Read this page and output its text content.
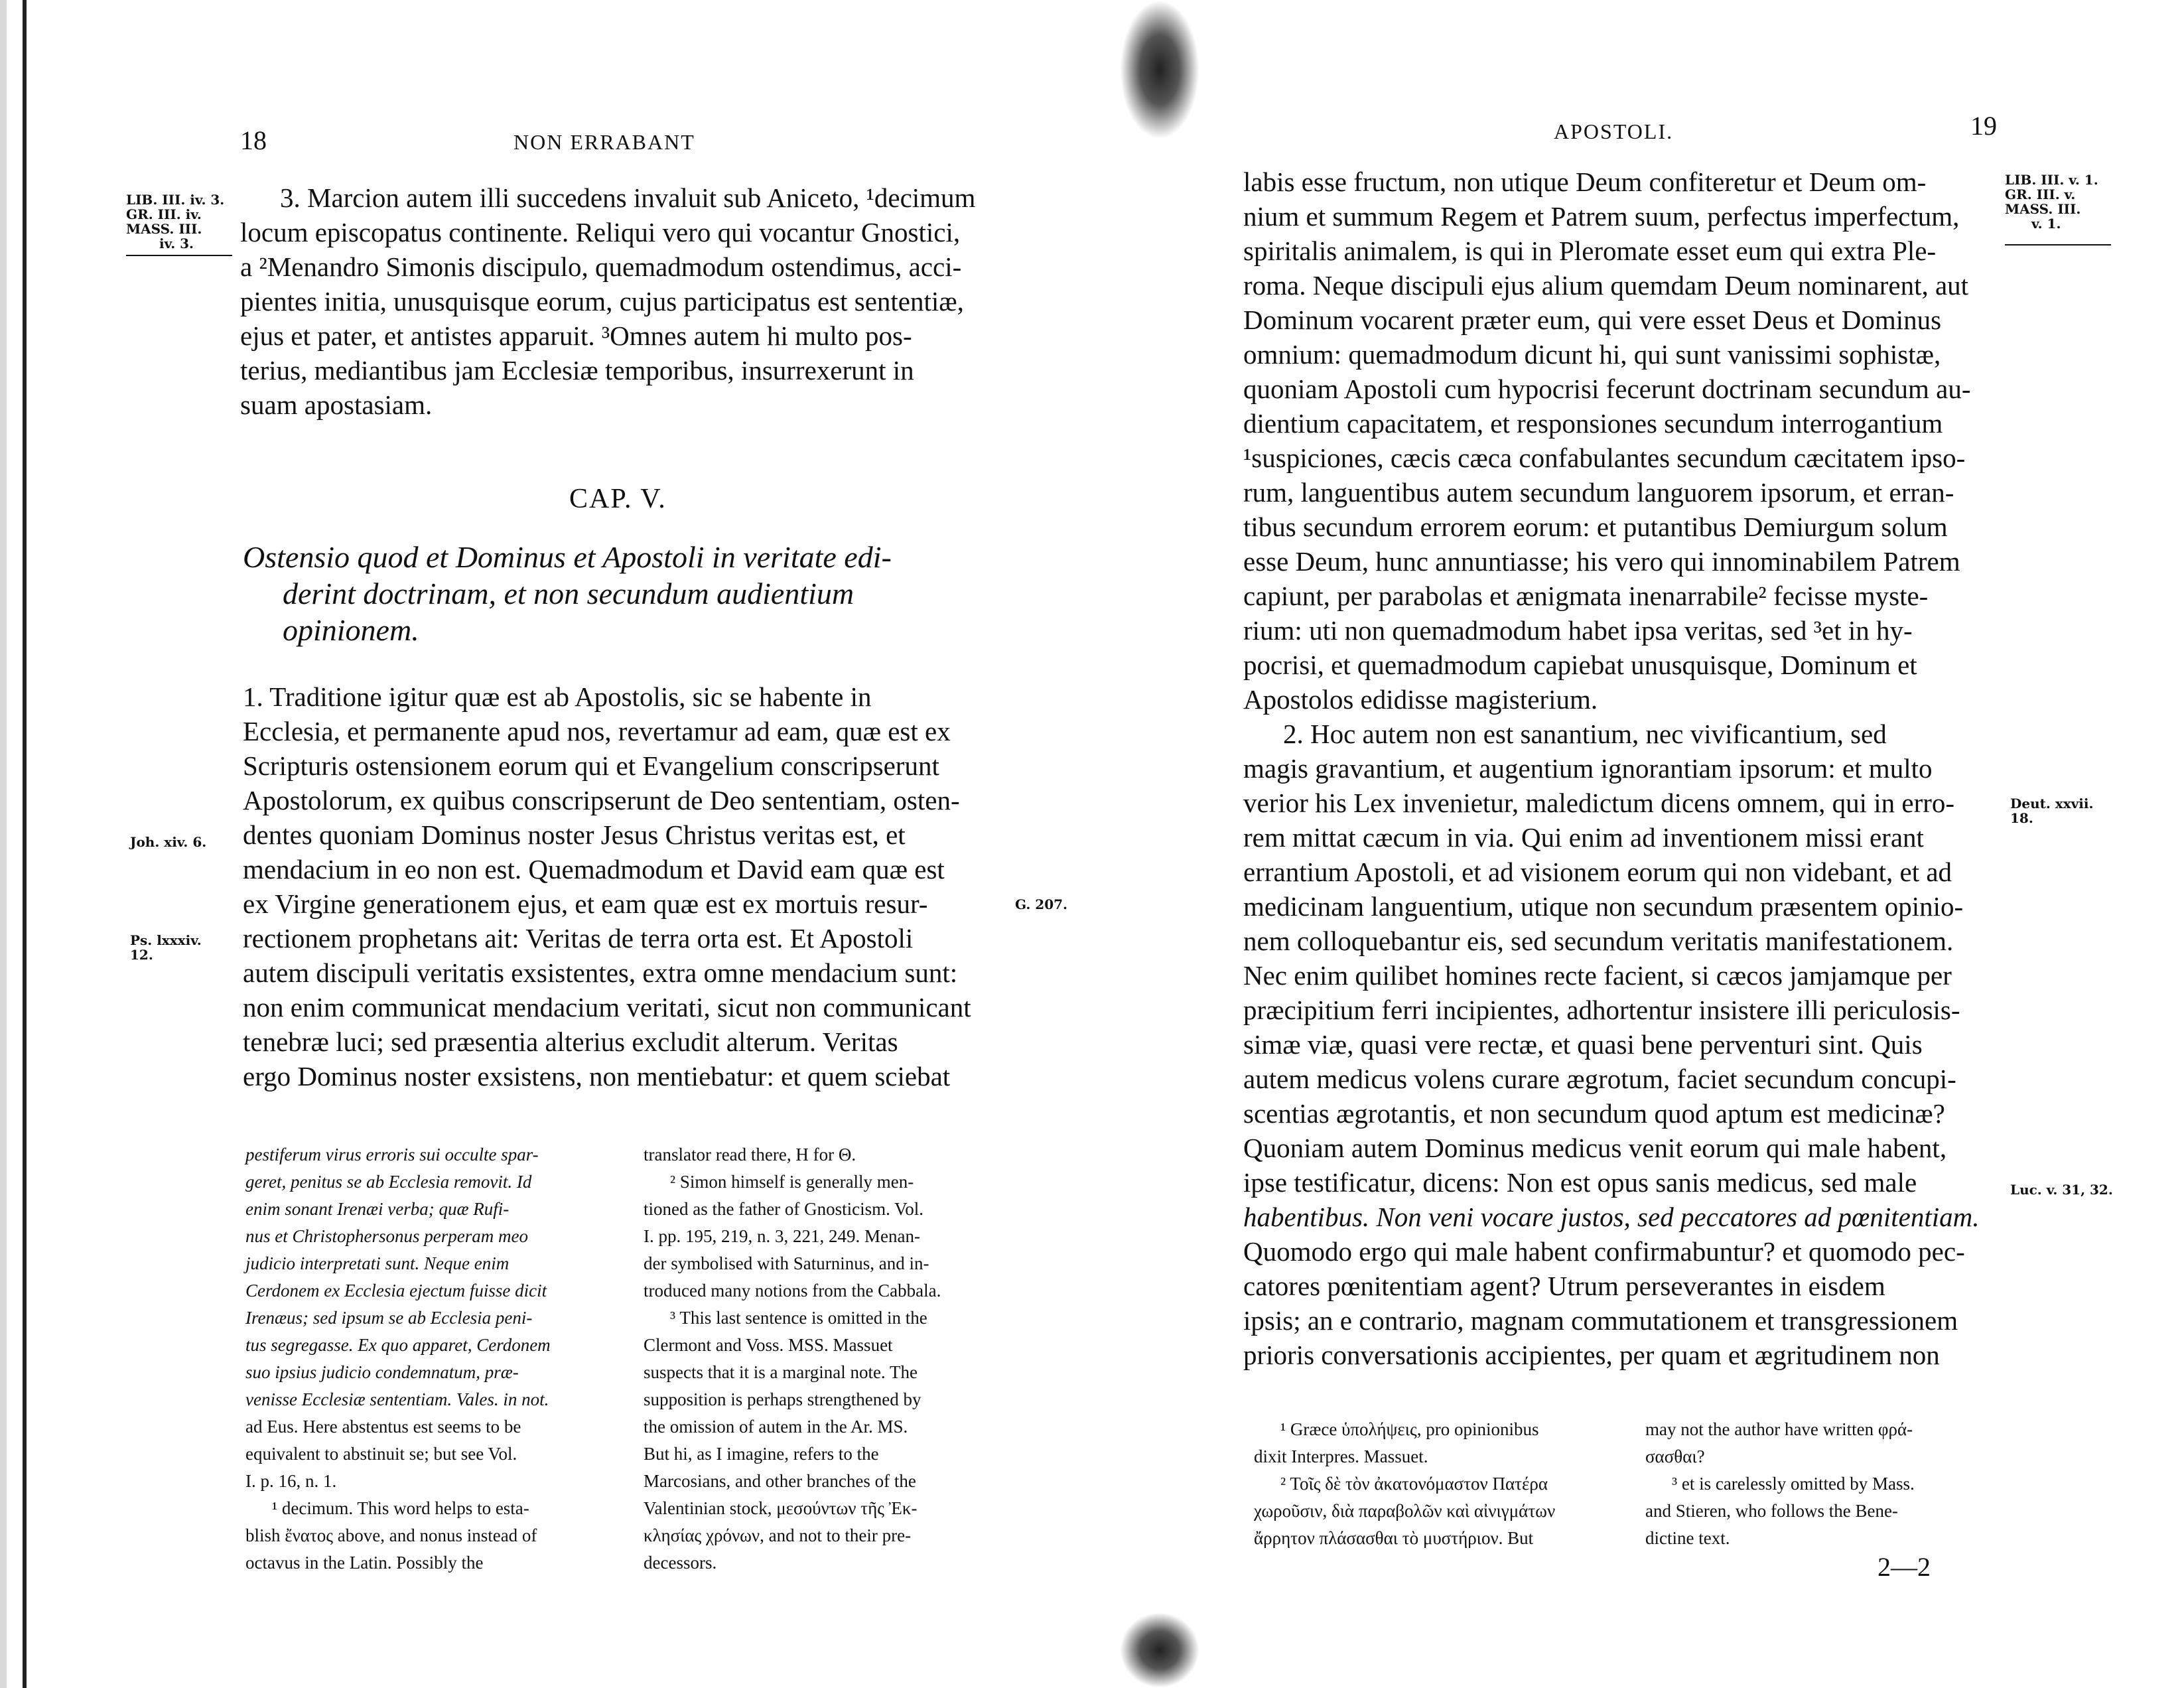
18	NON ERRABANT
LIB. III. iv. 3.
GR. III. iv.
MASS. III.
iv. 3.
3. Marcion autem illi succedens invaluit sub Aniceto, ¹decimum
locum episcopatus continente. Reliqui vero qui vocantur Gnostici,
a ²Menandro Simonis discipulo, quemadmodum ostendimus, acci-
pientes initia, unusquisque eorum, cujus participatus est sententiæ,
ejus et pater, et antistes apparuit. ³Omnes autem hi multo pos-
terius, mediantibus jam Ecclesiæ temporibus, insurrexerunt in
suam apostasiam.
CAP. V.
Ostensio quod et Dominus et Apostoli in veritate edi-
derint doctrinam, et non secundum audientium
opinionem.
1. Traditione igitur quæ est ab Apostolis, sic se habente in
Ecclesia, et permanente apud nos, revertamur ad eam, quæ est ex
Scripturis ostensionem eorum qui et Evangelium conscripserunt
Apostolorum, ex quibus conscripserunt de Deo sententiam, osten-
dentes quoniam Dominus noster Jesus Christus veritas est, et
mendacium in eo non est. Quemadmodum et David eam quæ est
ex Virgine generationem ejus, et eam quæ est ex mortuis resur-
rectionem prophetans ait: Veritas de terra orta est. Et Apostoli
autem discipuli veritatis exsistentes, extra omne mendacium sunt:
non enim communicat mendacium veritati, sicut non communicant
tenebræ luci; sed præsentia alterius excludit alterum. Veritas
ergo Dominus noster exsistens, non mentiebatur: et quem sciebat
Joh. xiv. 6.
G. 207.
Ps. lxxxiv.
12.
pestiferum virus erroris sui occulte spar-
geret, penitus se ab Ecclesia removit. Id
enim sonant Irenæi verba; quæ Rufi-
nus et Christophersonus perperam meo
judicio interpretati sunt. Neque enim
Cerdonem ex Ecclesia ejectum fuisse dicit
Irenæus; sed ipsum se ab Ecclesia peni-
tus segregasse. Ex quo apparet, Cerdonem
suo ipsius judicio condemnatum, præ-
venisse Ecclesiæ sententiam. Vales. in not.
ad Eus. Here abstentus est seems to be
equivalent to abstinuit se; but see Vol.
I. p. 16, n. 1.
¹ decimum. This word helps to esta-
blish ἔνατος above, and nonus instead of
octavus in the Latin. Possibly the
translator read there, H for Θ.
² Simon himself is generally men-
tioned as the father of Gnosticism. Vol.
I. pp. 195, 219, n. 3, 221, 249. Menan-
der symbolised with Saturninus, and in-
troduced many notions from the Cabbala.
³ This last sentence is omitted in the
Clermont and Voss. MSS. Massuet
suspects that it is a marginal note. The
supposition is perhaps strengthened by
the omission of autem in the Ar. MS.
But hi, as I imagine, refers to the
Marcosians, and other branches of the
Valentinian stock, μεσούντων τῆς Ἐκ-
κλησίας χρόνων, and not to their pre-
decessors.
APOSTOLI.	19
LIB. III. v. 1.
GR. III. v.
MASS. III.
v. 1.
labis esse fructum, non utique Deum confiteretur et Deum om-
nium et summum Regem et Patrem suum, perfectus imperfectum,
spiritalis animalem, is qui in Pleromate esset eum qui extra Ple-
roma. Neque discipuli ejus alium quemdam Deum nominarent, aut
Dominum vocarent præter eum, qui vere esset Deus et Dominus
omnium: quemadmodum dicunt hi, qui sunt vanissimi sophistæ,
quoniam Apostoli cum hypocrisi fecerunt doctrinam secundum au-
dientium capacitatem, et responsiones secundum interrogantium
¹suspiciones, cæcis cæca confabulantes secundum cæcitatem ipso-
rum, languentibus autem secundum languorem ipsorum, et erran-
tibus secundum errorem eorum: et putantibus Demiurgum solum
esse Deum, hunc annuntiasse; his vero qui innominabilem Patrem
capiunt, per parabolas et ænigmata inenarrabile² fecisse myste-
rium: uti non quemadmodum habet ipsa veritas, sed ³et in hy-
pocrisi, et quemadmodum capiebat unusquisque, Dominum et
Apostolos edidisse magisterium.
2. Hoc autem non est sanantium, nec vivificantium, sed
magis gravantium, et augentium ignorantiam ipsorum: et multo
verior his Lex invenietur, maledictum dicens omnem, qui in erro-
rem mittat cæcum in via. Qui enim ad inventionem missi erant
errantium Apostoli, et ad visionem eorum qui non videbant, et ad
medicinam languentium, utique non secundum præsentem opinio-
nem colloquebantur eis, sed secundum veritatis manifestationem.
Nec enim quilibet homines recte facient, si cæcos jamjamque per
præcipitium ferri incipientes, adhortentur insistere illi periculosis-
simæ viæ, quasi vere rectæ, et quasi bene perventuri sint. Quis
autem medicus volens curare ægrotum, faciet secundum concupi-
scentias ægrotantis, et non secundum quod aptum est medicinæ?
Quoniam autem Dominus medicus venit eorum qui male habent,
ipse testificatur, dicens: Non est opus sanis medicus, sed male
habentibus. Non veni vocare justos, sed peccatores ad pœnitentiam.
Quomodo ergo qui male habent confirmabuntur? et quomodo pec-
catores pœnitentiam agent? Utrum perseverantes in eisdem
ipsis; an e contrario, magnam commutationem et transgressionem
prioris conversationis accipientes, per quam et ægritudinem non
Deut. xxvii.
18.
Luc. v. 31, 32.
¹ Græce ὑπολήψεις, pro opinionibus
dixit Interpres. Massuet.
² Τοῖς δὲ τὸν ἀκατονόμαστον Πατέρα
χωροῦσιν, διὰ παραβολῶν καὶ αἰνιγμάτων
ἄρρητον πλάσασθαι τὸ μυστήριον. But
may not the author have written φρά-
σασθαι?
³ et is carelessly omitted by Mass.
and Stieren, who follows the Bene-
dictine text.
2—2
